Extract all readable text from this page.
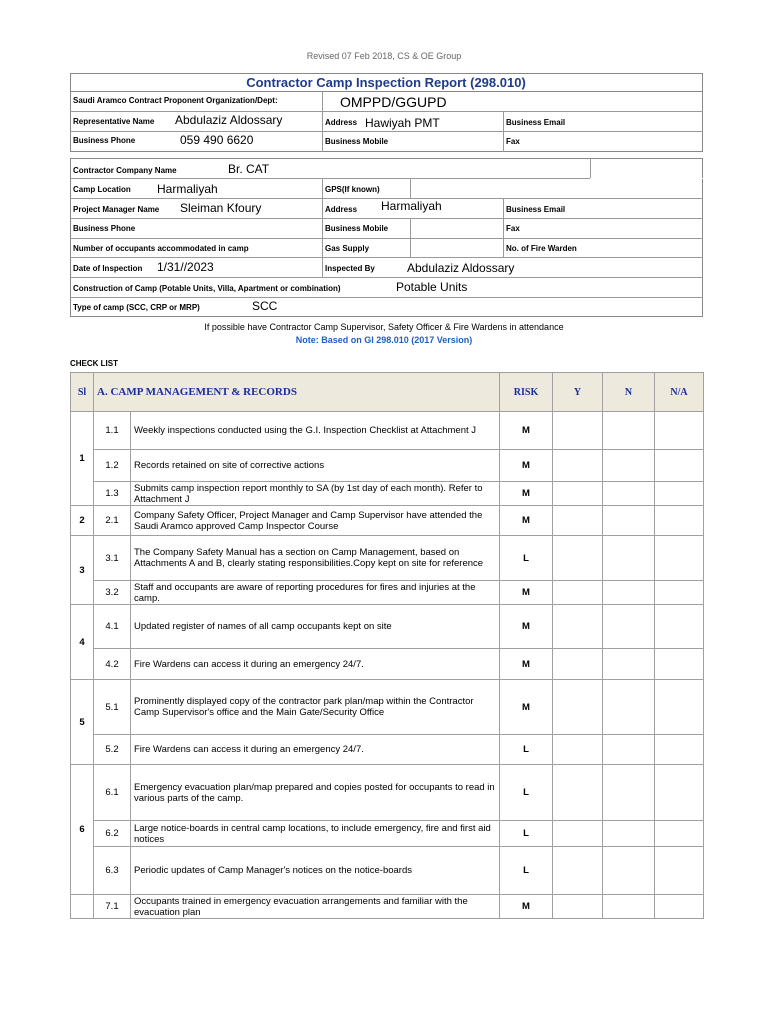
Revised 07 Feb 2018, CS & OE Group
Contractor Camp Inspection Report (298.010)
Saudi Aramco Contract Proponent Organization/Dept:	OMPPD/GGUPD
Representative Name Abdulaziz Aldossary	Address Hawiyah PMT	Business Email
Business Phone	059 490 6620	Business Mobile	Fax
Contractor Company Name	Br. CAT
Camp Location Harmaliyah	GPS(If known)
Project Manager Name Sleiman Kfoury	Address Harmaliyah	Business Email
Business Phone	Business Mobile	Fax
Number of occupants accommodated in camp	Gas Supply	No. of Fire Warden
Date of Inspection 1/31//2023	Inspected By	Abdulaziz Aldossary
Construction of Camp (Potable Units, Villa, Apartment or combination)	Potable Units
Type of camp (SCC, CRP or MRP)	SCC
If possible have Contractor Camp Supervisor, Safety Officer & Fire Wardens in attendance
Note: Based on GI 298.010 (2017 Version)
CHECK LIST
Sl	A. CAMP MANAGEMENT & RECORDS		RISK	Y	N	N/A
1	1.1	Weekly inspections conducted using the G.I. Inspection Checklist at Attachment J	M			
	1.2	Records retained on site of corrective actions	M			
	1.3	Submits camp inspection report monthly to SA (by 1st day of each month). Refer to Attachment J	M			
2	2.1	Company Safety Officer, Project Manager and Camp Supervisor have attended the Saudi Aramco approved Camp Inspector Course	M			
3	3.1	The Company Safety Manual has a section on Camp Management, based on Attachments A and B, clearly stating responsibilities.Copy kept on site for reference	L			
	3.2	Staff and occupants are aware of reporting procedures for fires and injuries at the camp.	M			
4	4.1	Updated register of names of all camp occupants kept on site	M			
	4.2	Fire Wardens can access it during an emergency 24/7.	M			
5	5.1	Prominently displayed copy of the contractor park plan/map within the Contractor
Camp Supervisor's office and the Main Gate/Security Office	M			
	5.2	Fire Wardens can access it during an emergency 24/7.	L			
6	6.1	Emergency evacuation plan/map prepared and copies posted for occupants to read in various parts of the camp.	L			
	6.2	Large notice-boards in central camp locations, to include emergency, fire and first aid notices	L			
	6.3	Periodic updates of Camp Manager's notices on the notice-boards	L			
	7.1	Occupants trained in emergency evacuation arrangements and familiar with the evacuation plan	M			
